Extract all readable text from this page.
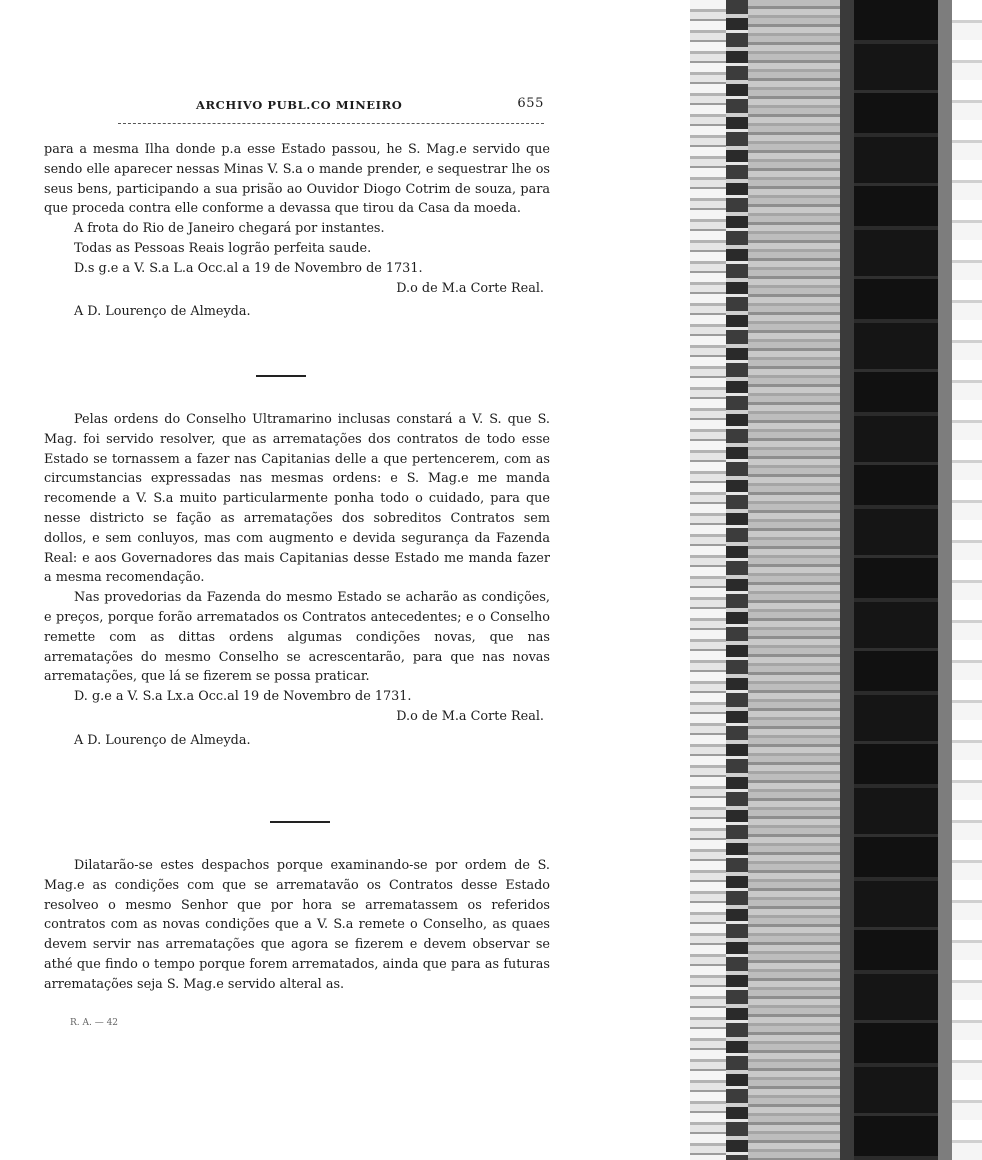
ARCHIVO PUBL.CO MINEIRO	655

para a mesma Ilha donde p.a esse Estado passou, he S. Mag.e servido que sendo elle aparecer nessas Minas V. S.a o mande prender, e sequestrar lhe os seus bens, participando a sua prisão ao Ouvidor Diogo Cotrim de souza, para que proceda contra elle conforme a devassa que tirou da Casa da moeda.

A frota do Rio de Janeiro chegará por instantes.

Todas as Pessoas Reais logrão perfeita saude.

D.s g.e a V. S.a L.a Occ.al a 19 de Novembro de 1731.

D.o de M.a Corte Real.

A D. Lourenço de Almeyda.

Pelas ordens do Conselho Ultramarino inclusas constará a V. S. que S. Mag. foi servido resolver, que as arrematações dos contratos de todo esse Estado se tornassem a fazer nas Capitanias delle a que pertencerem, com as circumstancias expressadas nas mesmas ordens: e S. Mag.e me manda recomende a V. S.a muito particularmente ponha todo o cuidado, para que nesse districto se fação as arrematações dos sobreditos Contratos sem dollos, e sem conluyos, mas com augmento e devida segurança da Fazenda Real: e aos Governadores das mais Capitanias desse Estado me manda fazer a mesma recomendação.

Nas provedorias da Fazenda do mesmo Estado se acharão as condições, e preços, porque forão arrematados os Contratos antecedentes; e o Conselho remette com as dittas ordens algumas condições novas, que nas arrematações do mesmo Conselho se acrescentarão, para que nas novas arrematações, que lá se fizerem se possa praticar.

D. g.e a V. S.a Lx.a Occ.al 19 de Novembro de 1731.

D.o de M.a Corte Real.

A D. Lourenço de Almeyda.

Dilatarão-se estes despachos porque examinando-se por ordem de S. Mag.e as condições com que se arrematavão os Contratos desse Estado resolveo o mesmo Senhor que por hora se arrematassem os referidos contratos com as novas condições que a V. S.a remete o Conselho, as quaes devem servir nas arrematações que agora se fizerem e devem observar se athé que findo o tempo porque forem arrematados, ainda que para as futuras arrematações seja S. Mag.e servido alteral as.

R. A. — 42
